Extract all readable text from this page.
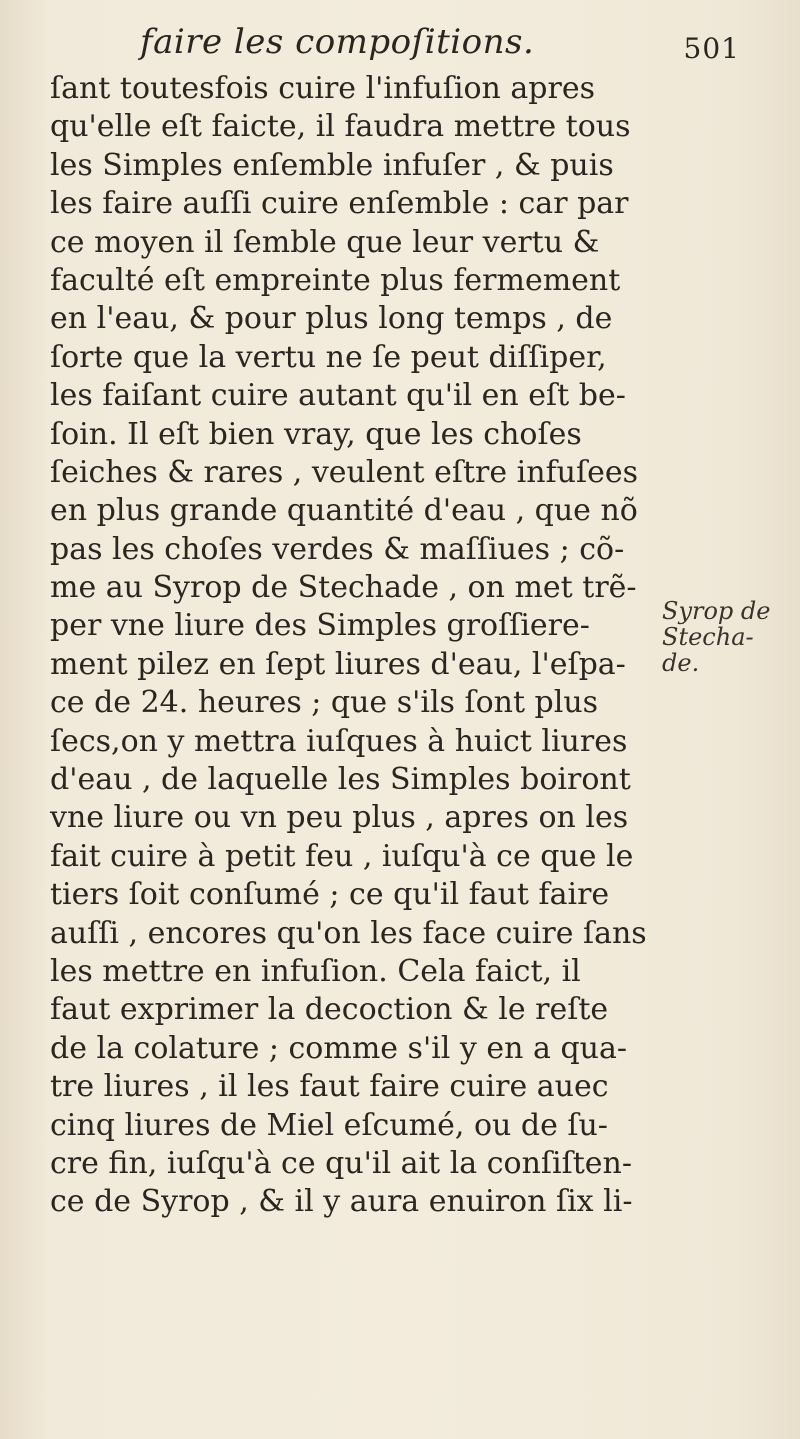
faire les compoſitions.	501
ſant toutesfois cuire l'infuſion apres
qu'elle eſt faicte, il faudra mettre tous
les Simples enſemble infuſer , & puis
les faire auſſi cuire enſemble : car par
ce moyen il ſemble que leur vertu &
faculté eſt empreinte plus fermement
en l'eau, & pour plus long temps , de
ſorte que la vertu ne ſe peut diſſiper,
les faiſant cuire autant qu'il en eſt be-
ſoin. Il eſt bien vray, que les choſes
ſeiches & rares , veulent eſtre infuſees
en plus grande quantité d'eau , que nõ
pas les choſes verdes & maſſiues ; cõ-
me au Syrop de Stechade , on met trẽ-
per vne liure des Simples groſſiere-
ment pilez en ſept liures d'eau, l'eſpa-
ce de 24. heures ; que s'ils ſont plus
ſecs,on y mettra iuſques à huict liures
d'eau , de laquelle les Simples boiront
vne liure ou vn peu plus , apres on les
fait cuire à petit feu , iuſqu'à ce que le
tiers ſoit conſumé ; ce qu'il faut faire
auſſi , encores qu'on les face cuire ſans
les mettre en infuſion. Cela faict, il
faut exprimer la decoction & le reſte
de la colature ; comme s'il y en a qua-
tre liures , il les faut faire cuire auec
cinq liures de Miel eſcumé, ou de ſu-
cre fin, iuſqu'à ce qu'il ait la conſiſten-
ce de Syrop , & il y aura enuiron ſix li-
Syrop de
Stecha-
de.
